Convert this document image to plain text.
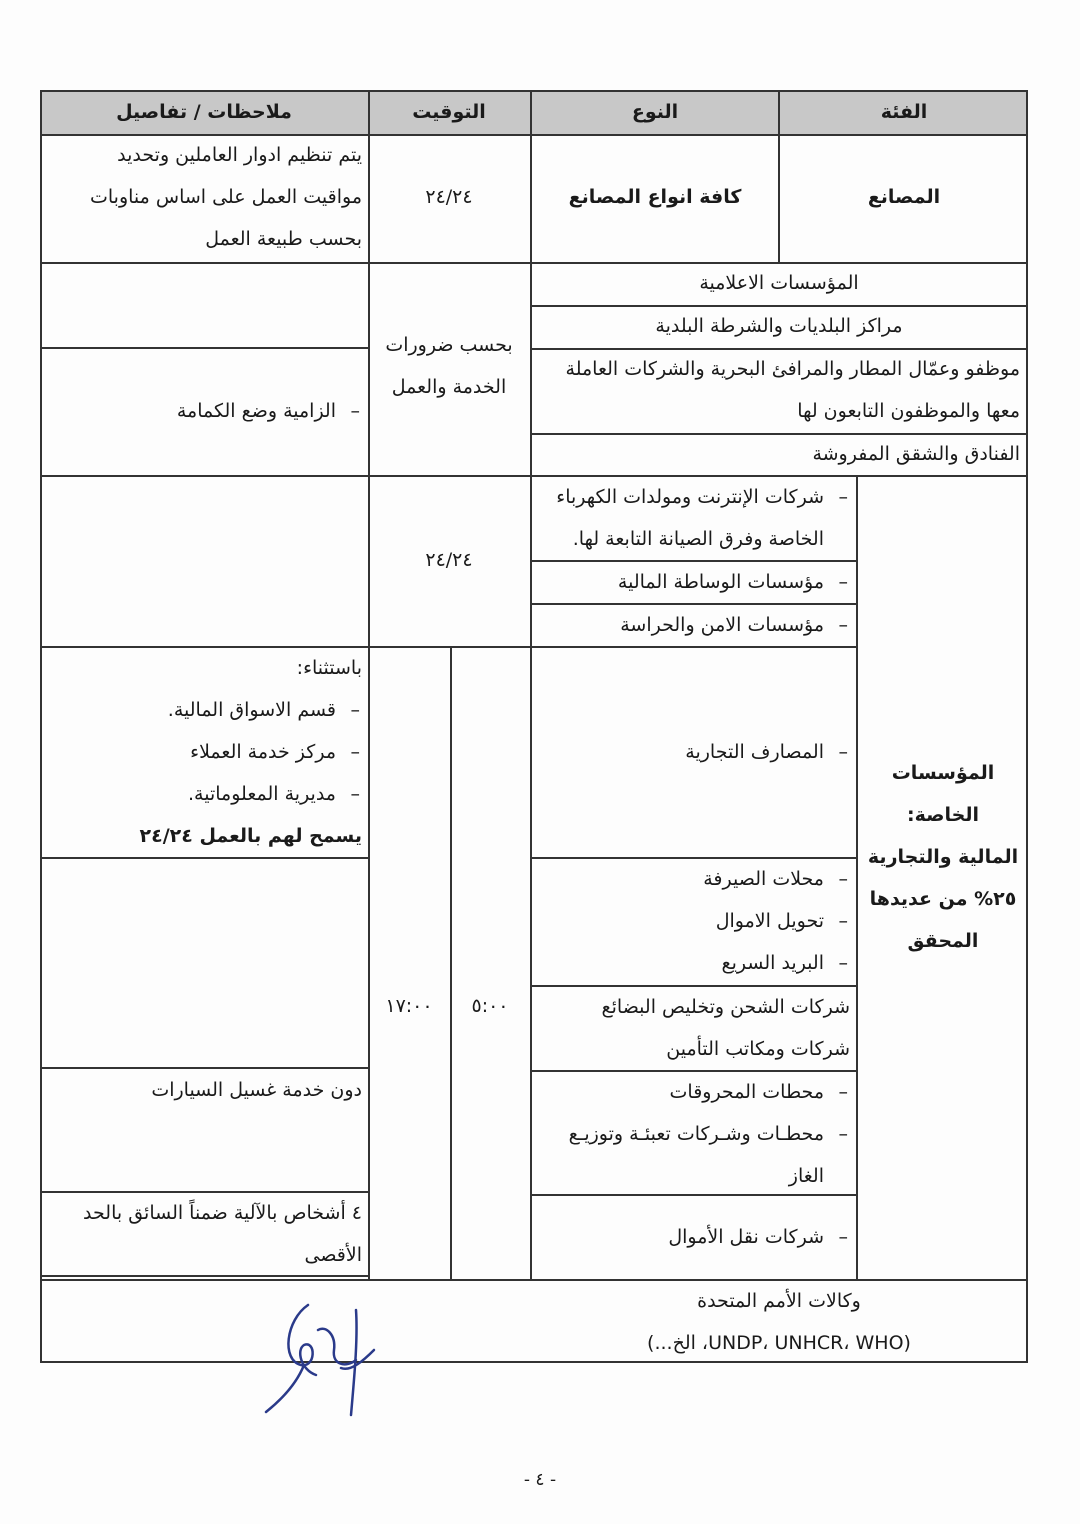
الفئة
النوع
التوقيت
ملاحظات / تفاصيل
المصانع
كافة انواع المصانع
٢٤/٢٤
يتم تنظيم ادوار العاملين وتحديد
مواقيت العمل على اساس مناوبات
بحسب طبيعة العمل
المؤسسات الاعلامية
مراكز البلديات والشرطة البلدية
موظفو وعمّال المطار والمرافئ البحرية والشركات العاملة
معها والموظفون التابعون لها
الفنادق والشقق المفروشة
بحسب ضرورات
الخدمة والعمل
– الزامية وضع الكمامة
– شركات الإنترنت ومولدات الكهرباء
الخاصة وفرق الصيانة التابعة لها.
– مؤسسات الوساطة المالية
– مؤسسات الامن والحراسة
٢٤/٢٤
المؤسسات
الخاصة:
المالية والتجارية
٢٥% من عديدها
المحقق
٥:٠٠
١٧:٠٠
– المصارف التجارية
باستثناء:
– قسم الاسواق المالية.
– مركز خدمة العملاء
– مديرية المعلوماتية.
يسمح لهم بالعمل ٢٤/٢٤
– محلات الصيرفة
– تحويل الاموال
– البريد السريع
شركات الشحن وتخليص البضائع
شركات ومكاتب التأمين
– محطات المحروقات
– محطـات وشـركات تعبئـة وتوزيـع
الغاز
دون خدمة غسيل السيارات
– شركات نقل الأموال
٤ أشخاص بالآلية ضمناً السائق بالحد
الأقصى
وكالات الأمم المتحدة
(UNDP، UNHCR، WHO، الخ...)
- ٤ -
